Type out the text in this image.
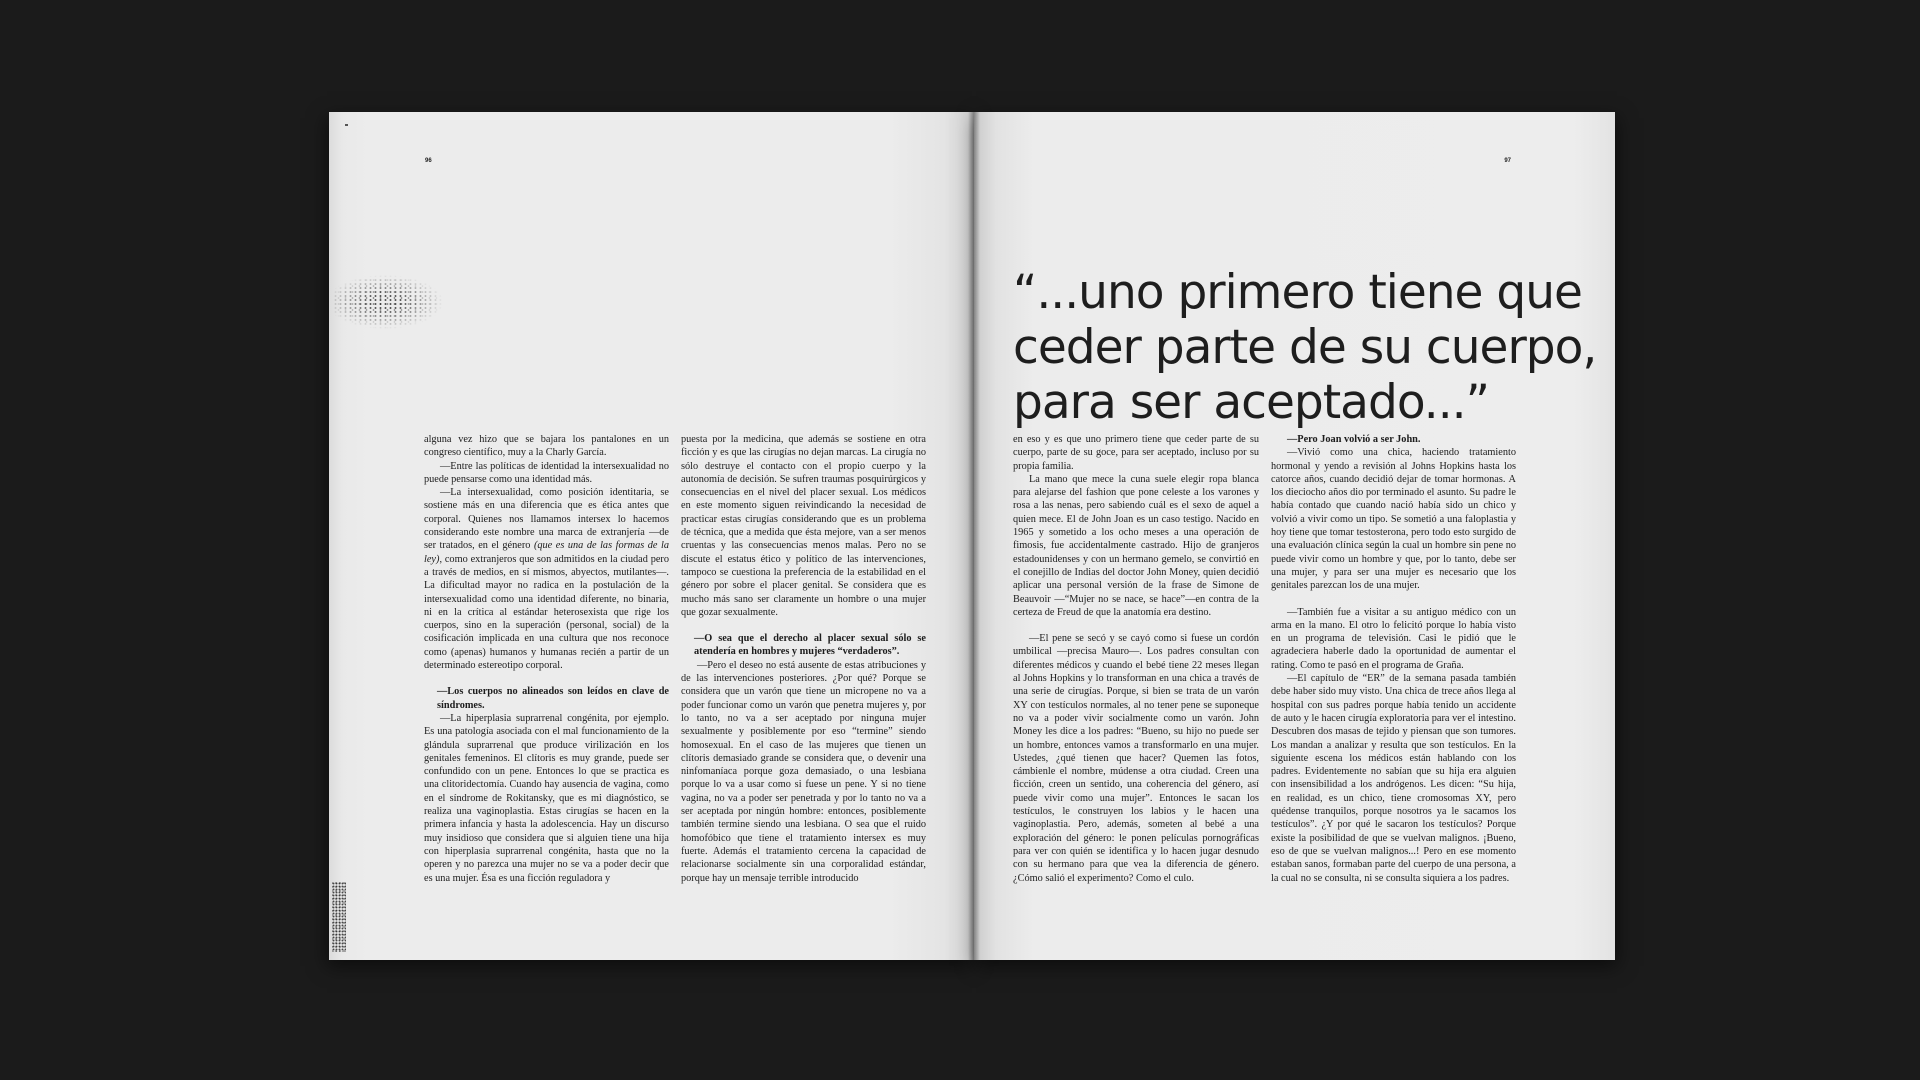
96

alguna vez hizo que se bajara los pantalones en un congreso científico, muy a la Charly García.

—Entre las políticas de identidad la intersexualidad no puede pensarse como una identidad más.

—La intersexualidad, como posición identitaria, se sostiene más en una diferencia que es ética antes que corporal. Quienes nos llamamos intersex lo hacemos considerando este nombre una marca de extranjería —de ser tratados, en el género (que es una de las formas de la ley), como extranjeros que son admitidos en la ciudad pero a través de medios, en sí mismos, abyectos, mutilantes—. La dificultad mayor no radica en la postulación de la intersexualidad como una identidad diferente, no binaria, ni en la crítica al estándar heterosexista que rige los cuerpos, sino en la superación (personal, social) de la cosificación implicada en una cultura que nos reconoce como (apenas) humanos y humanas recién a partir de un determinado estereotipo corporal.

—Los cuerpos no alineados son leídos en clave de síndromes.

—La hiperplasia suprarrenal congénita, por ejemplo. Es una patología asociada con el mal funcionamiento de la glándula suprarrenal que produce virilización en los genitales femeninos. El clítoris es muy grande, puede ser confundido con un pene. Entonces lo que se practica es una clitoridectomía. Cuando hay ausencia de vagina, como en el síndrome de Rokitansky, que es mi diagnóstico, se realiza una vaginoplastia. Estas cirugías se hacen en la primera infancia y hasta la adolescencia. Hay un discurso muy insidioso que considera que si alguien tiene una hija con hiperplasia suprarrenal congénita, hasta que no la operen y no parezca una mujer no se va a poder decir que es una mujer. Ésa es una ficción reguladora y

puesta por la medicina, que además se sostiene en otra ficción y es que las cirugías no dejan marcas. La cirugía no sólo destruye el contacto con el propio cuerpo y la autonomía de decisión. Se sufren traumas posquirúrgicos y consecuencias en el nivel del placer sexual. Los médicos en este momento siguen reivindicando la necesidad de practicar estas cirugías considerando que es un problema de técnica, que a medida que ésta mejore, van a ser menos cruentas y las consecuencias menos malas. Pero no se discute el estatus ético y político de las intervenciones, tampoco se cuestiona la preferencia de la estabilidad en el género por sobre el placer genital. Se considera que es mucho más sano ser claramente un hombre o una mujer que gozar sexualmente.

—O sea que el derecho al placer sexual sólo se atendería en hombres y mujeres “verdaderos”.

—Pero el deseo no está ausente de estas atribuciones y de las intervenciones posteriores. ¿Por qué? Porque se considera que un varón que tiene un micropene no va a poder funcionar como un varón que penetra mujeres y, por lo tanto, no va a ser aceptado por ninguna mujer sexualmente y posiblemente por eso “termine” siendo homosexual. En el caso de las mujeres que tienen un clítoris demasiado grande se considera que, o devenir una ninfomaníaca porque goza demasiado, o una lesbiana porque lo va a usar como si fuese un pene. Y si no tiene vagina, no va a poder ser penetrada y por lo tanto no va a ser aceptada por ningún hombre: entonces, posiblemente también termine siendo una lesbiana. O sea que el ruido homofóbico que tiene el tratamiento intersex es muy fuerte. Además el tratamiento cercena la capacidad de relacionarse socialmente sin una corporalidad estándar, porque hay un mensaje terrible introducido

97
“...uno primero tiene que ceder parte de su cuerpo, para ser aceptado...”

en eso y es que uno primero tiene que ceder parte de su cuerpo, parte de su goce, para ser aceptado, incluso por su propia familia.

La mano que mece la cuna suele elegir ropa blanca para alejarse del fashion que pone celeste a los varones y rosa a las nenas, pero sabiendo cuál es el sexo de aquel a quien mece. El de John Joan es un caso testigo. Nacido en 1965 y sometido a los ocho meses a una operación de fimosis, fue accidentalmente castrado. Hijo de granjeros estadounidenses y con un hermano gemelo, se convirtió en el conejillo de Indias del doctor John Money, quien decidió aplicar una personal versión de la frase de Simone de Beauvoir —“Mujer no se nace, se hace”—en contra de la certeza de Freud de que la anatomía era destino.

—El pene se secó y se cayó como si fuese un cordón umbilical —precisa Mauro—. Los padres consultan con diferentes médicos y cuando el bebé tiene 22 meses llegan al Johns Hopkins y lo transforman en una chica a través de una serie de cirugías. Porque, si bien se trata de un varón XY con testículos normales, al no tener pene se suponeque no va a poder vivir socialmente como un varón. John Money les dice a los padres: “Bueno, su hijo no puede ser un hombre, entonces vamos a transformarlo en una mujer. Ustedes, ¿qué tienen que hacer? Quemen las fotos, cámbienle el nombre, múdense a otra ciudad. Creen una ficción, creen un sentido, una coherencia del género, así puede vivir como una mujer”. Entonces le sacan los testículos, le construyen los labios y le hacen una vaginoplastia. Pero, además, someten al bebé a una exploración del género: le ponen películas pornográficas para ver con quién se identifica y lo hacen jugar desnudo con su hermano para que vea la diferencia de género. ¿Cómo salió el experimento? Como el culo.

—Pero Joan volvió a ser John.

—Vivió como una chica, haciendo tratamiento hormonal y yendo a revisión al Johns Hopkins hasta los catorce años, cuando decidió dejar de tomar hormonas. A los dieciocho años dio por terminado el asunto. Su padre le había contado que cuando nació había sido un chico y volvió a vivir como un tipo. Se sometió a una faloplastia y hoy tiene que tomar testosterona, pero todo esto surgido de una evaluación clínica según la cual un hombre sin pene no puede vivir como un hombre y que, por lo tanto, debe ser una mujer, y para ser una mujer es necesario que los genitales parezcan los de una mujer.

—También fue a visitar a su antiguo médico con un arma en la mano. El otro lo felicitó porque lo había visto en un programa de televisión. Casi le pidió que le agradeciera haberle dado la oportunidad de aumentar el rating. Como te pasó en el programa de Graña.

—El capítulo de “ER” de la semana pasada también debe haber sido muy visto. Una chica de trece años llega al hospital con sus padres porque había tenido un accidente de auto y le hacen cirugía exploratoria para ver el intestino. Descubren dos masas de tejido y piensan que son tumores. Los mandan a analizar y resulta que son testículos. En la siguiente escena los médicos están hablando con los padres. Evidentemente no sabían que su hija era alguien con insensibilidad a los andrógenos. Les dicen: “Su hija, en realidad, es un chico, tiene cromosomas XY, pero quédense tranquilos, porque nosotros ya le sacamos los testículos”. ¿Y por qué le sacaron los testículos? Porque existe la posibilidad de que se vuelvan malignos. ¡Bueno, eso de que se vuelvan malignos...! Pero en ese momento estaban sanos, formaban parte del cuerpo de una persona, a la cual no se consulta, ni se consulta siquiera a los padres.
